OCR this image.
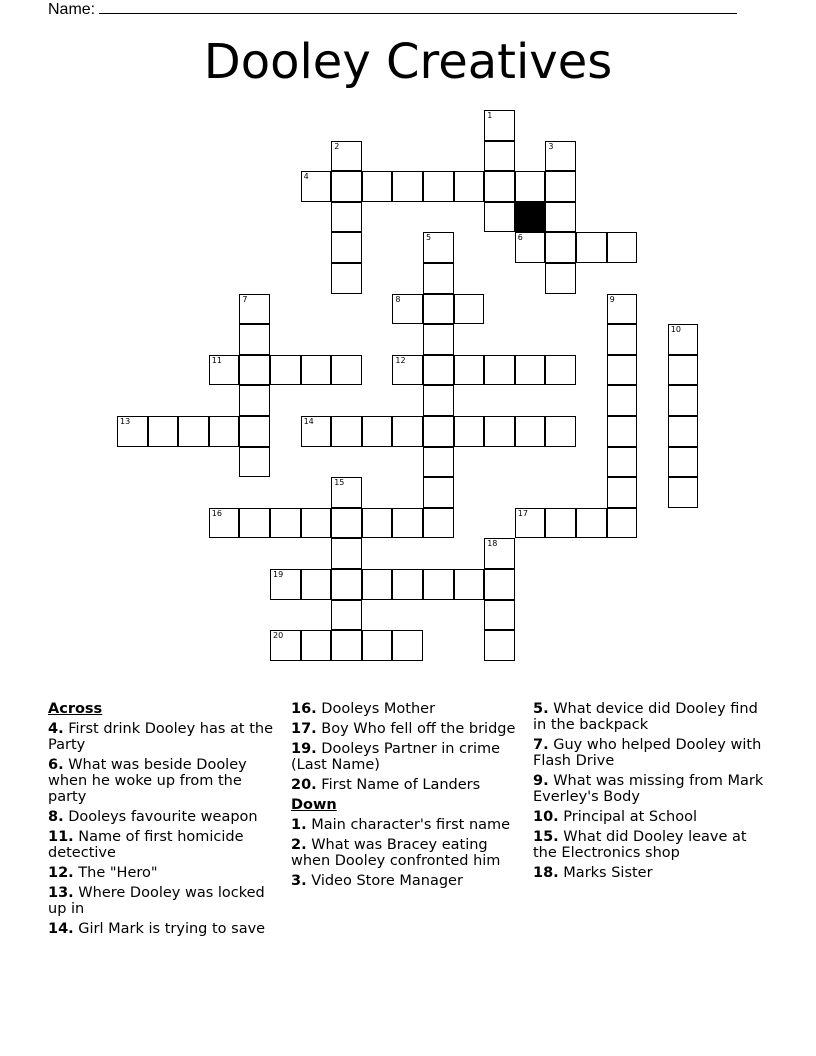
Name:
Dooley Creatives
1
2	3
4
5	6
7	8	9
10
11	12
13	14
15
16	17
18
19
20
Across
4. First drink Dooley has at the Party
6. What was beside Dooley when he woke up from the party
8. Dooleys favourite weapon
11. Name of first homicide detective
12. The "Hero"
13. Where Dooley was locked up in
14. Girl Mark is trying to save
16. Dooleys Mother
17. Boy Who fell off the bridge
19. Dooleys Partner in crime (Last Name)
20. First Name of Landers
Down
1. Main character's first name
2. What was Bracey eating when Dooley confronted him
3. Video Store Manager
5. What device did Dooley find in the backpack
7. Guy who helped Dooley with Flash Drive
9. What was missing from Mark Everley's Body
10. Principal at School
15. What did Dooley leave at the Electronics shop
18. Marks Sister
